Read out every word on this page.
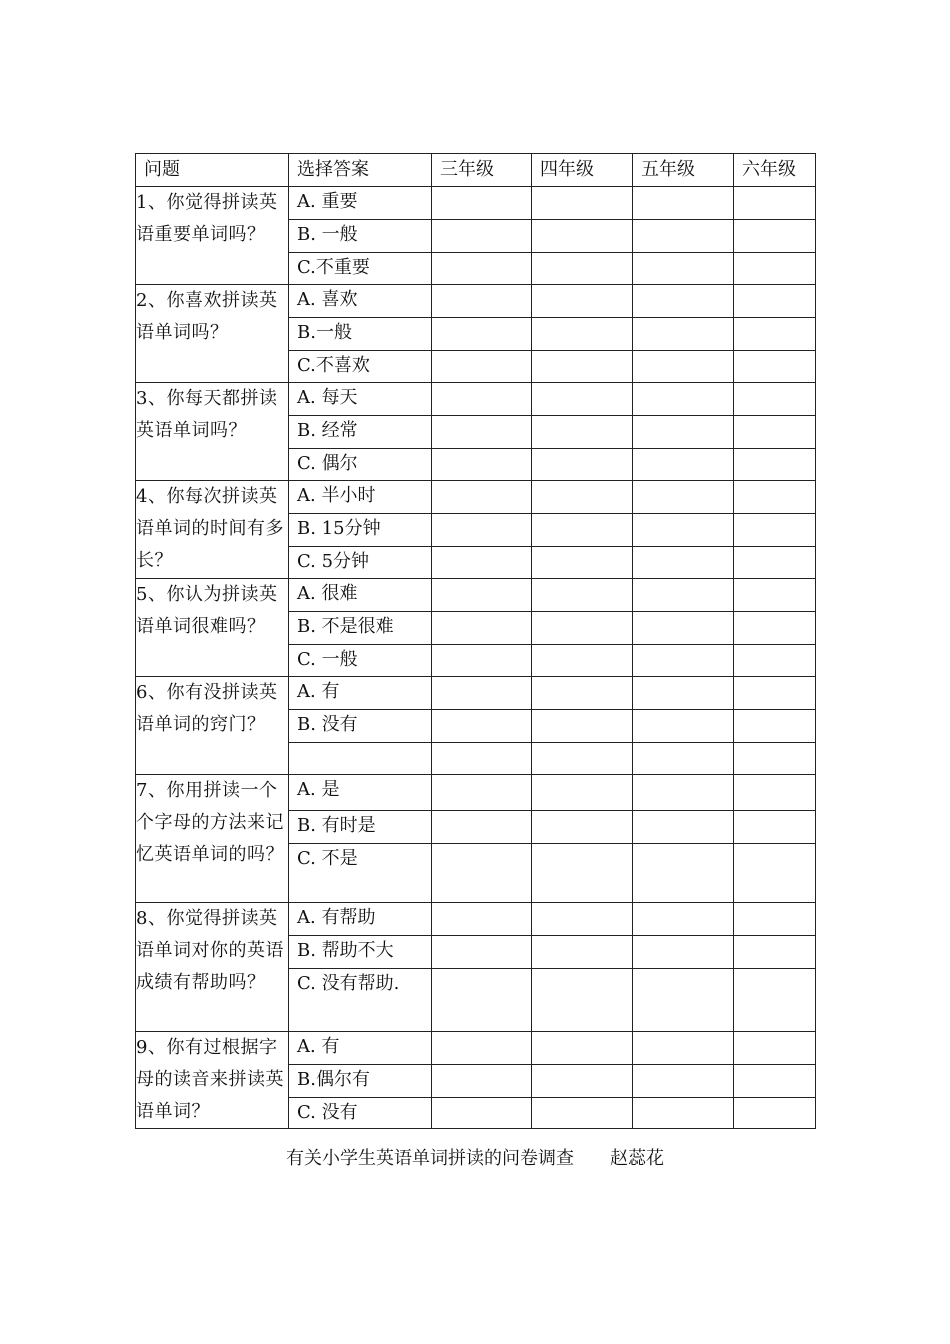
问题	选择答案	三年级	四年级	五年级	六年级

1、你觉得拼读英语重要单词吗？	A. 重要				

	B. 一般				

	C.不重要				

2、你喜欢拼读英语单词吗？	A. 喜欢				

	B.一般				

	C.不喜欢				

3、你每天都拼读英语单词吗？	A. 每天				

	B. 经常				

	C. 偶尔				

4、你每次拼读英语单词的时间有多长？	A. 半小时				

	B. 15分钟				

	C. 5分钟				

5、你认为拼读英语单词很难吗？	A. 很难				

	B. 不是很难				

	C. 一般				

6、你有没拼读英语单词的窍门？	A. 有				

	B. 没有				

7、你用拼读一个个字母的方法来记忆英语单词的吗？	A. 是				

	B. 有时是				

	C. 不是				

8、你觉得拼读英语单词对你的英语成绩有帮助吗？	A. 有帮助				

	B. 帮助不大				

	C. 没有帮助.				

9、你有过根据字母的读音来拼读英语单词？	A. 有				

	B.偶尔有				

	C. 没有				

有关小学生英语单词拼读的问卷调查 赵蕊花
